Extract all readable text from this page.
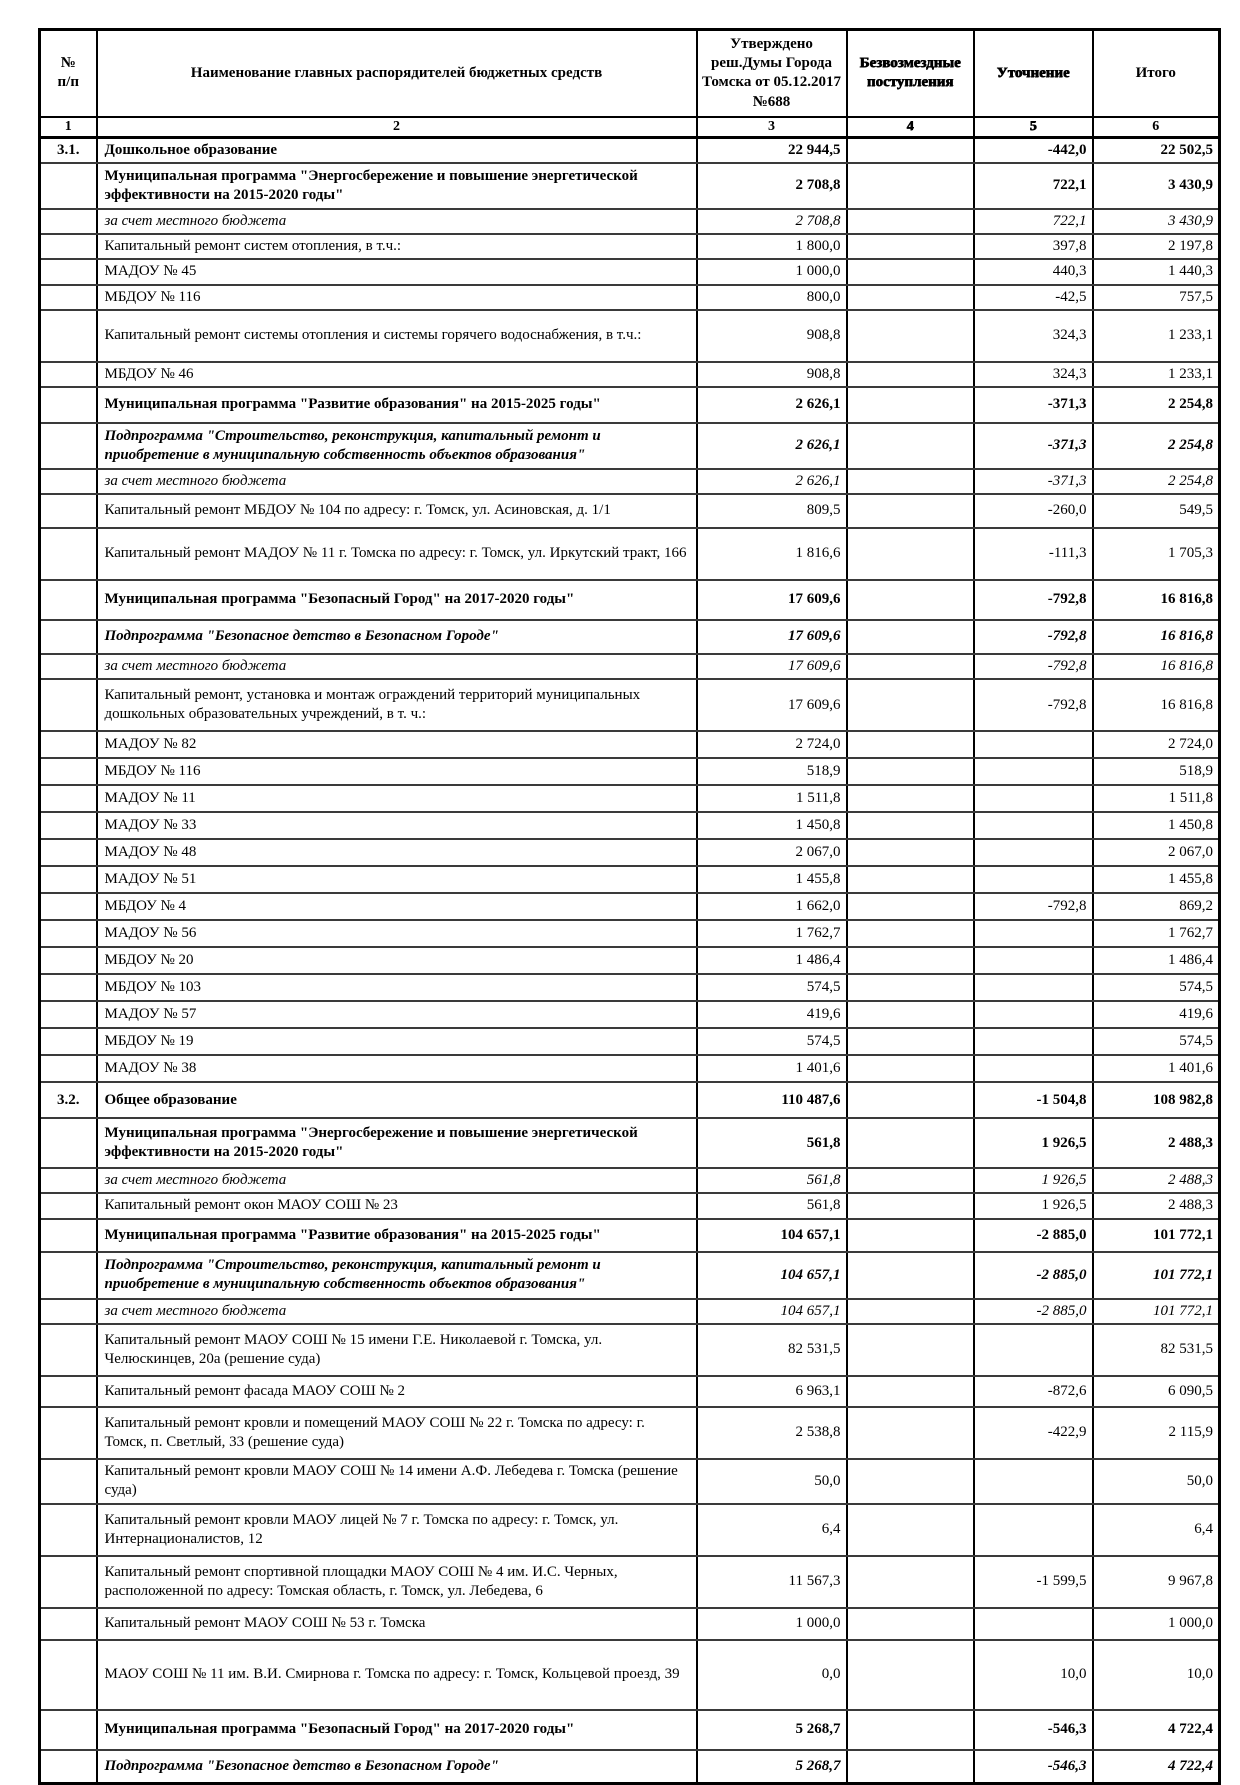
№ п/п	Наименование главных распорядителей бюджетных средств	Утверждено реш.Думы Города Томска от 05.12.2017 №688	Безвозмездные поступления	Уточнение	Итого
1	2	3	4	5	6
3.1.	Дошкольное образование	22 944,5		-442,0	22 502,5
	Муниципальная программа "Энергосбережение и повышение энергетической эффективности на 2015-2020 годы"	2 708,8		722,1	3 430,9
	за счет местного бюджета	2 708,8		722,1	3 430,9
	Капитальный ремонт систем отопления, в т.ч.:	1 800,0		397,8	2 197,8
	МАДОУ № 45	1 000,0		440,3	1 440,3
	МБДОУ № 116	800,0		-42,5	757,5
	Капитальный ремонт системы отопления и системы горячего водоснабжения, в т.ч.:	908,8		324,3	1 233,1
	МБДОУ № 46	908,8		324,3	1 233,1
	Муниципальная программа "Развитие образования" на 2015-2025 годы"	2 626,1		-371,3	2 254,8
	Подпрограмма "Строительство, реконструкция, капитальный ремонт и приобретение в муниципальную собственность объектов образования"	2 626,1		-371,3	2 254,8
	за счет местного бюджета	2 626,1		-371,3	2 254,8
	Капитальный ремонт МБДОУ № 104 по адресу: г. Томск, ул. Асиновская, д. 1/1	809,5		-260,0	549,5
	Капитальный ремонт МАДОУ № 11 г. Томска по адресу: г. Томск, ул. Иркутский тракт, 166	1 816,6		-111,3	1 705,3
	Муниципальная программа "Безопасный Город" на 2017-2020 годы"	17 609,6		-792,8	16 816,8
	Подпрограмма "Безопасное детство в Безопасном Городе"	17 609,6		-792,8	16 816,8
	за счет местного бюджета	17 609,6		-792,8	16 816,8
	Капитальный ремонт, установка и монтаж ограждений территорий муниципальных дошкольных образовательных учреждений, в т. ч.:	17 609,6		-792,8	16 816,8
	МАДОУ № 82	2 724,0			2 724,0
	МБДОУ № 116	518,9			518,9
	МАДОУ № 11	1 511,8			1 511,8
	МАДОУ № 33	1 450,8			1 450,8
	МАДОУ № 48	2 067,0			2 067,0
	МАДОУ № 51	1 455,8			1 455,8
	МБДОУ № 4	1 662,0		-792,8	869,2
	МАДОУ № 56	1 762,7			1 762,7
	МБДОУ № 20	1 486,4			1 486,4
	МБДОУ № 103	574,5			574,5
	МАДОУ № 57	419,6			419,6
	МБДОУ № 19	574,5			574,5
	МАДОУ № 38	1 401,6			1 401,6
3.2.	Общее образование	110 487,6		-1 504,8	108 982,8
	Муниципальная программа "Энергосбережение и повышение энергетической эффективности на 2015-2020 годы"	561,8		1 926,5	2 488,3
	за счет местного бюджета	561,8		1 926,5	2 488,3
	Капитальный ремонт окон МАОУ СОШ № 23	561,8		1 926,5	2 488,3
	Муниципальная программа "Развитие образования" на 2015-2025 годы"	104 657,1		-2 885,0	101 772,1
	Подпрограмма "Строительство, реконструкция, капитальный ремонт и приобретение в муниципальную собственность объектов образования"	104 657,1		-2 885,0	101 772,1
	за счет местного бюджета	104 657,1		-2 885,0	101 772,1
	Капитальный ремонт МАОУ СОШ № 15 имени Г.Е. Николаевой г. Томска, ул. Челюскинцев, 20а (решение суда)	82 531,5			82 531,5
	Капитальный ремонт фасада МАОУ СОШ № 2	6 963,1		-872,6	6 090,5
	Капитальный ремонт кровли и помещений МАОУ СОШ № 22 г. Томска по адресу: г. Томск, п. Светлый, 33 (решение суда)	2 538,8		-422,9	2 115,9
	Капитальный ремонт кровли МАОУ СОШ № 14 имени А.Ф. Лебедева г. Томска (решение суда)	50,0			50,0
	Капитальный ремонт кровли МАОУ лицей № 7 г. Томска по адресу: г. Томск, ул. Интернационалистов, 12	6,4			6,4
	Капитальный ремонт спортивной площадки МАОУ СОШ № 4 им. И.С. Черных, расположенной по адресу: Томская область, г. Томск, ул. Лебедева, 6	11 567,3		-1 599,5	9 967,8
	Капитальный ремонт МАОУ СОШ № 53 г. Томска	1 000,0			1 000,0
	МАОУ СОШ № 11 им. В.И. Смирнова г. Томска по адресу: г. Томск, Кольцевой проезд, 39	0,0		10,0	10,0
	Муниципальная программа "Безопасный Город" на 2017-2020 годы"	5 268,7		-546,3	4 722,4
	Подпрограмма "Безопасное детство в Безопасном Городе"	5 268,7		-546,3	4 722,4
